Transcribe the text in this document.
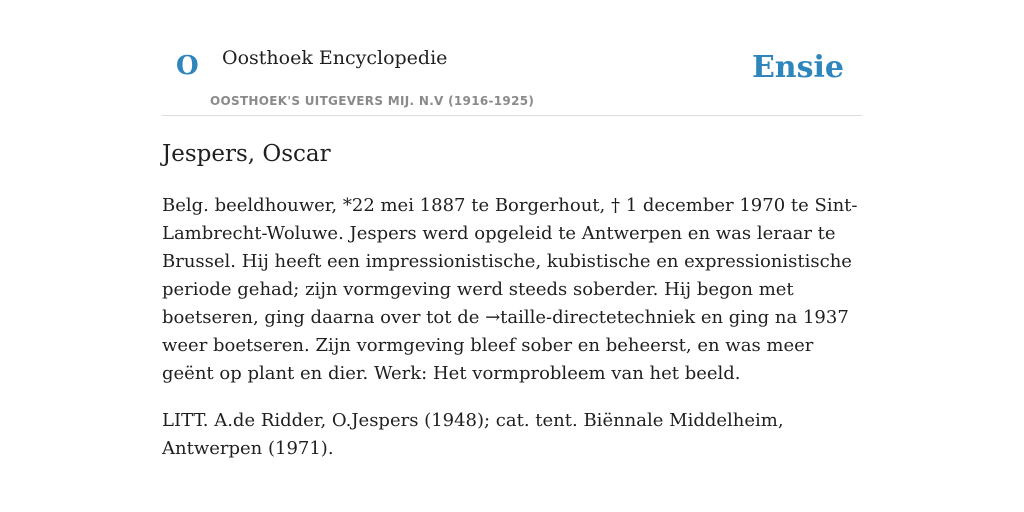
O Oosthoek Encyclopedie	Ensie
OOSTHOEK'S UITGEVERS MIJ. N.V (1916-1925)
Jespers, Oscar

Belg. beeldhouwer, *22 mei 1887 te Borgerhout, † 1 december 1970 te Sint-Lambrecht-Woluwe. Jespers werd opgeleid te Antwerpen en was leraar te Brussel. Hij heeft een impressionistische, kubistische en expressionistische periode gehad; zijn vormgeving werd steeds soberder. Hij begon met boetseren, ging daarna over tot de →taille-directetechniek en ging na 1937 weer boetseren. Zijn vormgeving bleef sober en beheerst, en was meer geënt op plant en dier. Werk: Het vormprobleem van het beeld.

LITT. A.de Ridder, O.Jespers (1948); cat. tent. Biënnale Middelheim, Antwerpen (1971).
